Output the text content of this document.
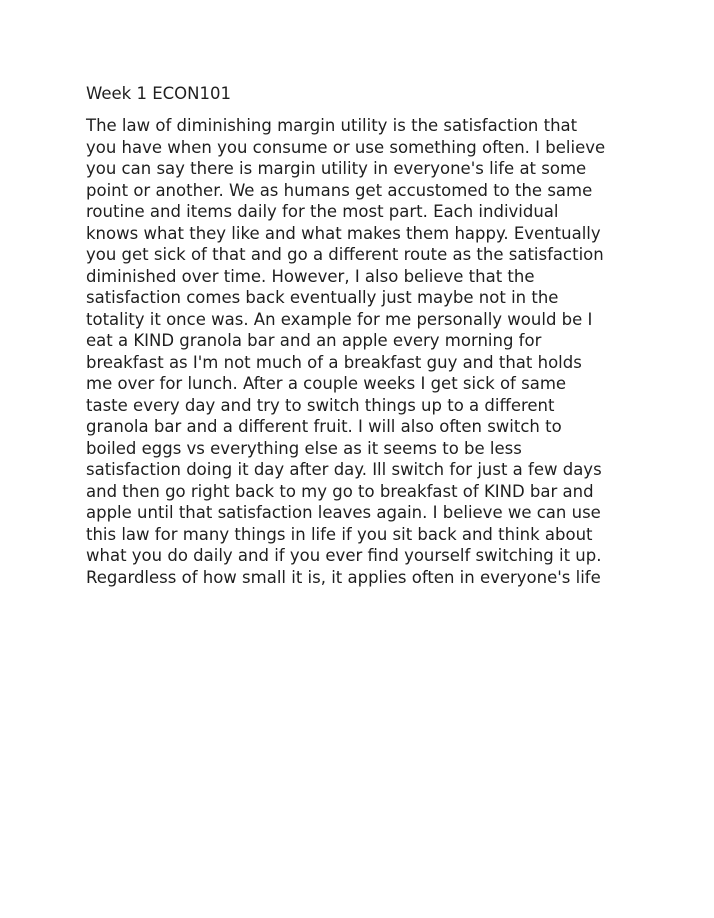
Week 1 ECON101
The law of diminishing margin utility is the satisfaction that
you have when you consume or use something often. I believe
you can say there is margin utility in everyone's life at some
point or another. We as humans get accustomed to the same
routine and items daily for the most part. Each individual
knows what they like and what makes them happy. Eventually
you get sick of that and go a different route as the satisfaction
diminished over time. However, I also believe that the
satisfaction comes back eventually just maybe not in the
totality it once was. An example for me personally would be I
eat a KIND granola bar and an apple every morning for
breakfast as I'm not much of a breakfast guy and that holds
me over for lunch. After a couple weeks I get sick of same
taste every day and try to switch things up to a different
granola bar and a different fruit. I will also often switch to
boiled eggs vs everything else as it seems to be less
satisfaction doing it day after day. Ill switch for just a few days
and then go right back to my go to breakfast of KIND bar and
apple until that satisfaction leaves again. I believe we can use
this law for many things in life if you sit back and think about
what you do daily and if you ever find yourself switching it up.
Regardless of how small it is, it applies often in everyone's life
